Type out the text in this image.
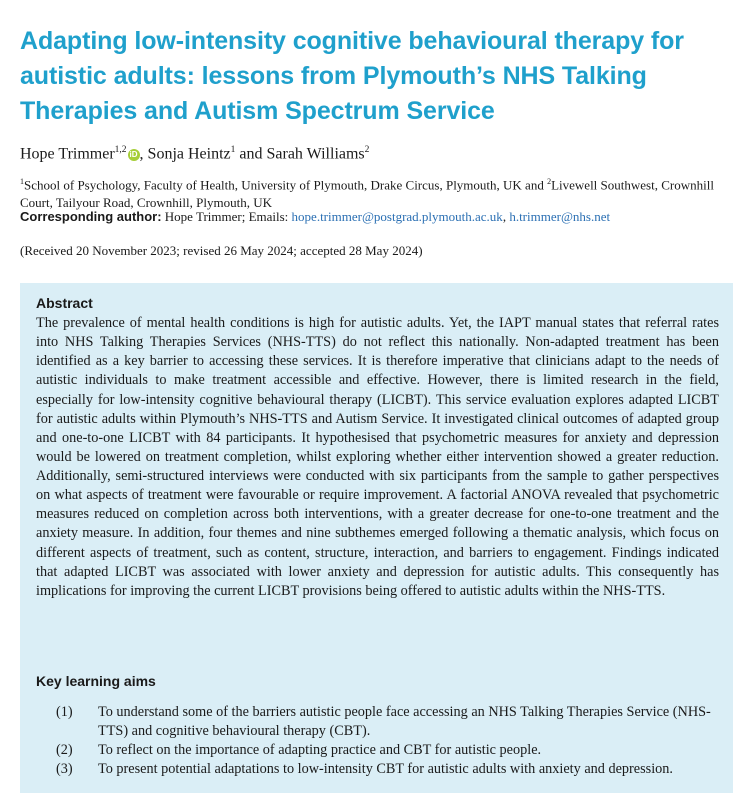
Adapting low-intensity cognitive behavioural therapy for autistic adults: lessons from Plymouth’s NHS Talking Therapies and Autism Spectrum Service
Hope Trimmer$^{1,2}$ iD , Sonja Heintz$^1$ and Sarah Williams$^2$
$^1$School of Psychology, Faculty of Health, University of Plymouth, Drake Circus, Plymouth, UK and $^2$Livewell Southwest, Crownhill Court, Tailyour Road, Crownhill, Plymouth, UK
Corresponding author: Hope Trimmer; Emails: hope.trimmer@postgrad.plymouth.ac.uk, h.trimmer@nhs.net
(Received 20 November 2023; revised 26 May 2024; accepted 28 May 2024)
Abstract

The prevalence of mental health conditions is high for autistic adults. Yet, the IAPT manual states that referral rates into NHS Talking Therapies Services (NHS-TTS) do not reflect this nationally. Non-adapted treatment has been identified as a key barrier to accessing these services. It is therefore imperative that clinicians adapt to the needs of autistic individuals to make treatment accessible and effective. However, there is limited research in the field, especially for low-intensity cognitive behavioural therapy (LICBT). This service evaluation explores adapted LICBT for autistic adults within Plymouth’s NHS-TTS and Autism Service. It investigated clinical outcomes of adapted group and one-to-one LICBT with 84 participants. It hypothesised that psychometric measures for anxiety and depression would be lowered on treatment completion, whilst exploring whether either intervention showed a greater reduction. Additionally, semi-structured interviews were conducted with six participants from the sample to gather perspectives on what aspects of treatment were favourable or require improvement. A factorial ANOVA revealed that psychometric measures reduced on completion across both interventions, with a greater decrease for one-to-one treatment and the anxiety measure. In addition, four themes and nine subthemes emerged following a thematic analysis, which focus on different aspects of treatment, such as content, structure, interaction, and barriers to engagement. Findings indicated that adapted LICBT was associated with lower anxiety and depression for autistic adults. This consequently has implications for improving the current LICBT provisions being offered to autistic adults within the NHS-TTS.

Key learning aims
(1) To understand some of the barriers autistic people face accessing an NHS Talking Therapies Service (NHS-TTS) and cognitive behavioural therapy (CBT).
(2) To reflect on the importance of adapting practice and CBT for autistic people.
(3) To present potential adaptations to low-intensity CBT for autistic adults with anxiety and depression.
